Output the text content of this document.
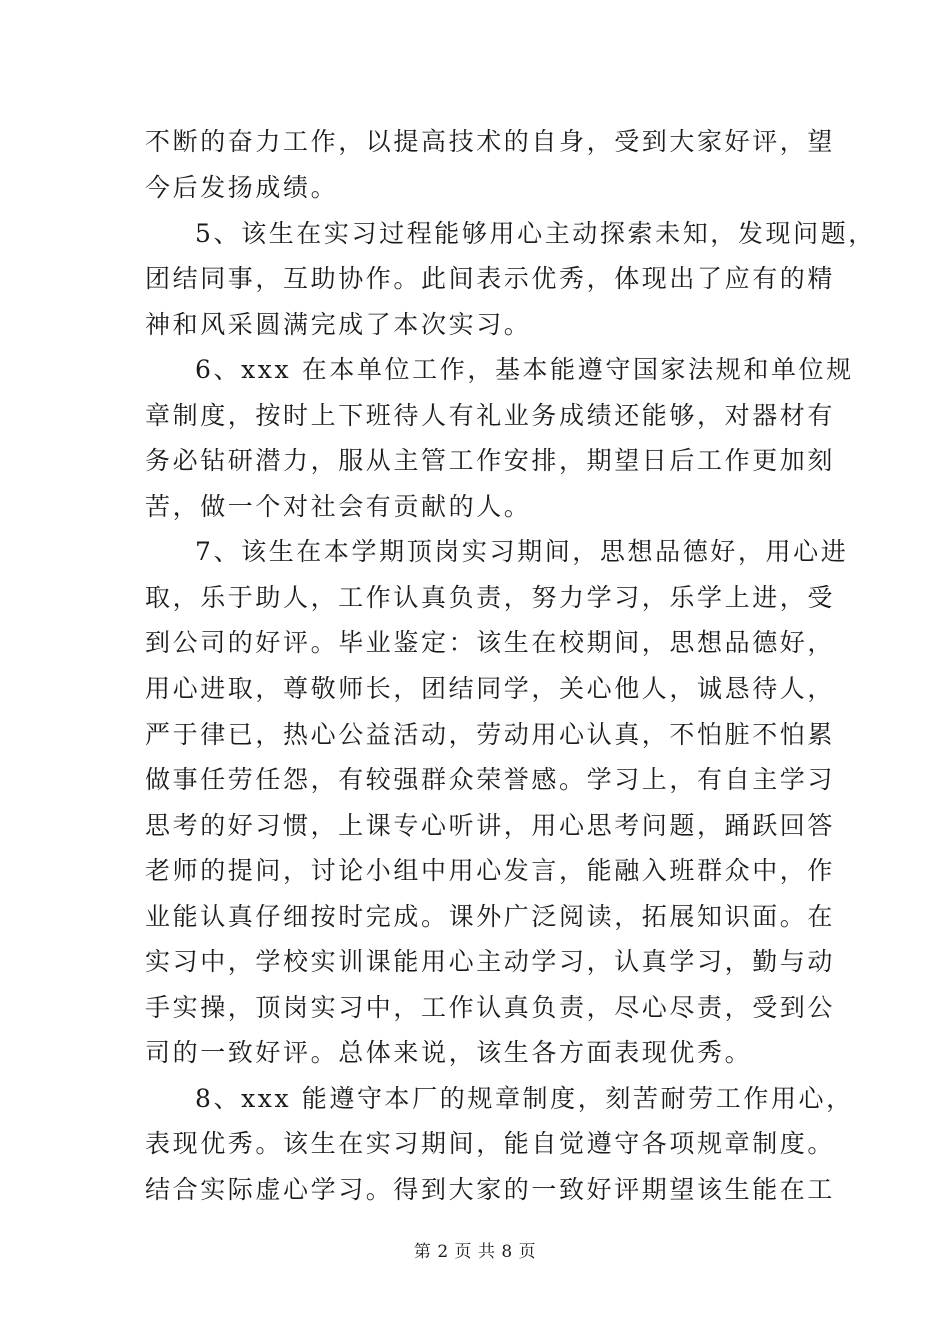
不断的奋力工作，以提高技术的自身，受到大家好评，望
今后发扬成绩。
5、该生在实习过程能够用心主动探索未知，发现问题，
团结同事，互助协作。此间表示优秀，体现出了应有的精
神和风采圆满完成了本次实习。
6、xxx 在本单位工作，基本能遵守国家法规和单位规
章制度，按时上下班待人有礼业务成绩还能够，对器材有
务必钻研潜力，服从主管工作安排，期望日后工作更加刻
苦，做一个对社会有贡献的人。
7、该生在本学期顶岗实习期间，思想品德好，用心进
取，乐于助人，工作认真负责，努力学习，乐学上进，受
到公司的好评。毕业鉴定：该生在校期间，思想品德好，
用心进取，尊敬师长，团结同学，关心他人，诚恳待人，
严于律已，热心公益活动，劳动用心认真，不怕脏不怕累
做事任劳任怨，有较强群众荣誉感。学习上，有自主学习
思考的好习惯，上课专心听讲，用心思考问题，踊跃回答
老师的提问，讨论小组中用心发言，能融入班群众中，作
业能认真仔细按时完成。课外广泛阅读，拓展知识面。在
实习中，学校实训课能用心主动学习，认真学习，勤与动
手实操，顶岗实习中，工作认真负责，尽心尽责，受到公
司的一致好评。总体来说，该生各方面表现优秀。
8、xxx 能遵守本厂的规章制度，刻苦耐劳工作用心，
表现优秀。该生在实习期间，能自觉遵守各项规章制度。
结合实际虚心学习。得到大家的一致好评期望该生能在工
第 2 页 共 8 页
